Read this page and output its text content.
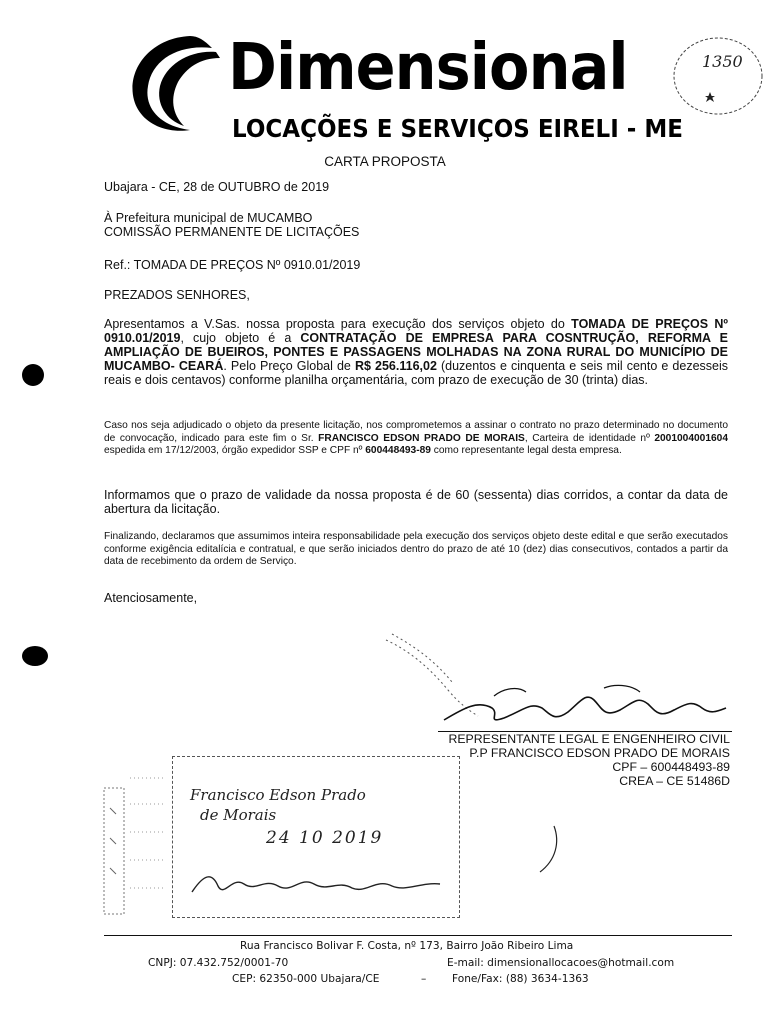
Dimensional
LOCAÇÕES E SERVIÇOS EIRELI - ME
1350
CARTA PROPOSTA
Ubajara - CE, 28 de OUTUBRO de 2019
À Prefeitura municipal de MUCAMBO
COMISSÃO PERMANENTE DE LICITAÇÕES
Ref.: TOMADA DE PREÇOS Nº 0910.01/2019
PREZADOS SENHORES,
Apresentamos a V.Sas. nossa proposta para execução dos serviços objeto do TOMADA DE PREÇOS Nº 0910.01/2019, cujo objeto é a CONTRATAÇÃO DE EMPRESA PARA COSNTRUÇÃO, REFORMA E AMPLIAÇÃO DE BUEIROS, PONTES E PASSAGENS MOLHADAS NA ZONA RURAL DO MUNICÍPIO DE MUCAMBO- CEARÁ. Pelo Preço Global de R$ 256.116,02 (duzentos e cinquenta e seis mil cento e dezesseis reais e dois centavos) conforme planilha orçamentária, com prazo de execução de 30 (trinta) dias.
Caso nos seja adjudicado o objeto da presente licitação, nos comprometemos a assinar o contrato no prazo determinado no documento de convocação, indicado para este fim o Sr. FRANCISCO EDSON PRADO DE MORAIS, Carteira de identidade nº 2001004001604 espedida em 17/12/2003, órgão expedidor SSP e CPF nº 600448493-89 como representante legal desta empresa.
Informamos que o prazo de validade da nossa proposta é de 60 (sessenta) dias corridos, a contar da data de abertura da licitação.
Finalizando, declaramos que assumimos inteira responsabilidade pela execução dos serviços objeto deste edital e que serão executados conforme exigência editalícia e contratual, e que serão iniciados dentro do prazo de até 10 (dez) dias consecutivos, contados a partir da data de recebimento da ordem de Serviço.
Atenciosamente,
REPRESENTANTE LEGAL E ENGENHEIRO CIVIL
P.P FRANCISCO EDSON PRADO DE MORAIS
CPF – 600448493-89
CREA – CE 51486D
Francisco Edson Prado
de Morais
24 10 2019
Rua Francisco Bolivar F. Costa, nº 173, Bairro João Ribeiro Lima
CNPJ: 07.432.752/0001-70	E-mail: dimensionallocacoes@hotmail.com
CEP: 62350-000 Ubajara/CE	– Fone/Fax: (88) 3634-1363
